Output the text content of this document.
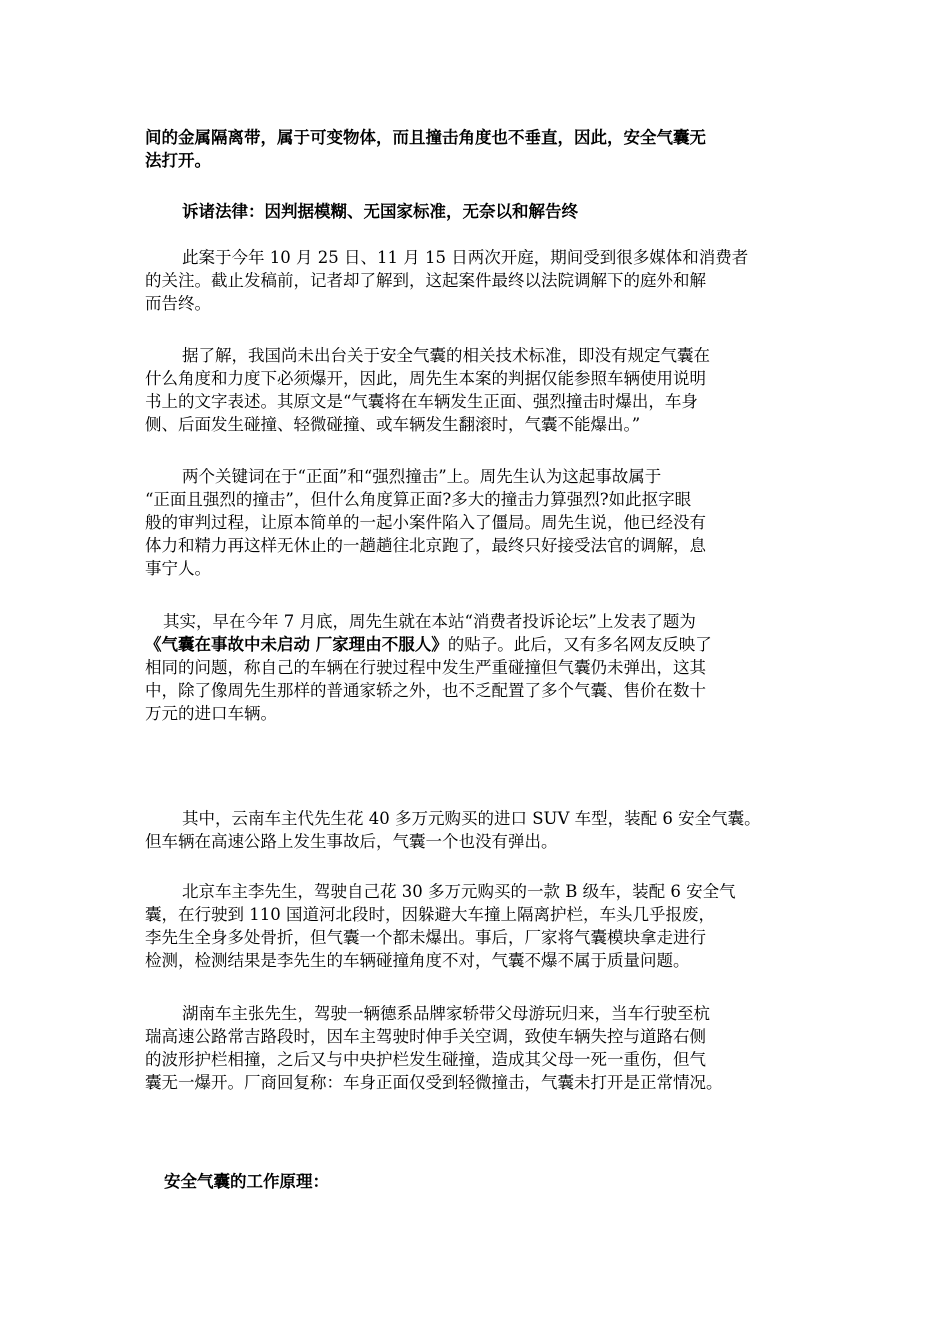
间的金属隔离带，属于可变物体，而且撞击角度也不垂直，因此，安全气囊无
法打开。

诉诸法律：因判据模糊、无国家标准，无奈以和解告终

此案于今年 10 月 25 日、11 月 15 日两次开庭，期间受到很多媒体和消费者
的关注。截止发稿前，记者却了解到，这起案件最终以法院调解下的庭外和解
而告终。

据了解，我国尚未出台关于安全气囊的相关技术标准，即没有规定气囊在
什么角度和力度下必须爆开，因此，周先生本案的判据仅能参照车辆使用说明
书上的文字表述。其原文是“气囊将在车辆发生正面、强烈撞击时爆出，车身
侧、后面发生碰撞、轻微碰撞、或车辆发生翻滚时，气囊不能爆出。”

两个关键词在于“正面”和“强烈撞击”上。周先生认为这起事故属于
“正面且强烈的撞击”，但什么角度算正面?多大的撞击力算强烈?如此抠字眼
般的审判过程，让原本简单的一起小案件陷入了僵局。周先生说，他已经没有
体力和精力再这样无休止的一趟趟往北京跑了，最终只好接受法官的调解，息
事宁人。

其实，早在今年 7 月底，周先生就在本站“消费者投诉论坛”上发表了题为
《气囊在事故中未启动 厂家理由不服人》的贴子。此后，又有多名网友反映了
相同的问题，称自己的车辆在行驶过程中发生严重碰撞但气囊仍未弹出，这其
中，除了像周先生那样的普通家轿之外，也不乏配置了多个气囊、售价在数十
万元的进口车辆。

其中，云南车主代先生花 40 多万元购买的进口 SUV 车型，装配 6 安全气囊。
但车辆在高速公路上发生事故后，气囊一个也没有弹出。

北京车主李先生，驾驶自己花 30 多万元购买的一款 B 级车，装配 6 安全气
囊，在行驶到 110 国道河北段时，因躲避大车撞上隔离护栏，车头几乎报废，
李先生全身多处骨折，但气囊一个都未爆出。事后，厂家将气囊模块拿走进行
检测，检测结果是李先生的车辆碰撞角度不对，气囊不爆不属于质量问题。

湖南车主张先生，驾驶一辆德系品牌家轿带父母游玩归来，当车行驶至杭
瑞高速公路常吉路段时，因车主驾驶时伸手关空调，致使车辆失控与道路右侧
的波形护栏相撞，之后又与中央护栏发生碰撞，造成其父母一死一重伤，但气
囊无一爆开。厂商回复称：车身正面仅受到轻微撞击，气囊未打开是正常情况。

安全气囊的工作原理：
